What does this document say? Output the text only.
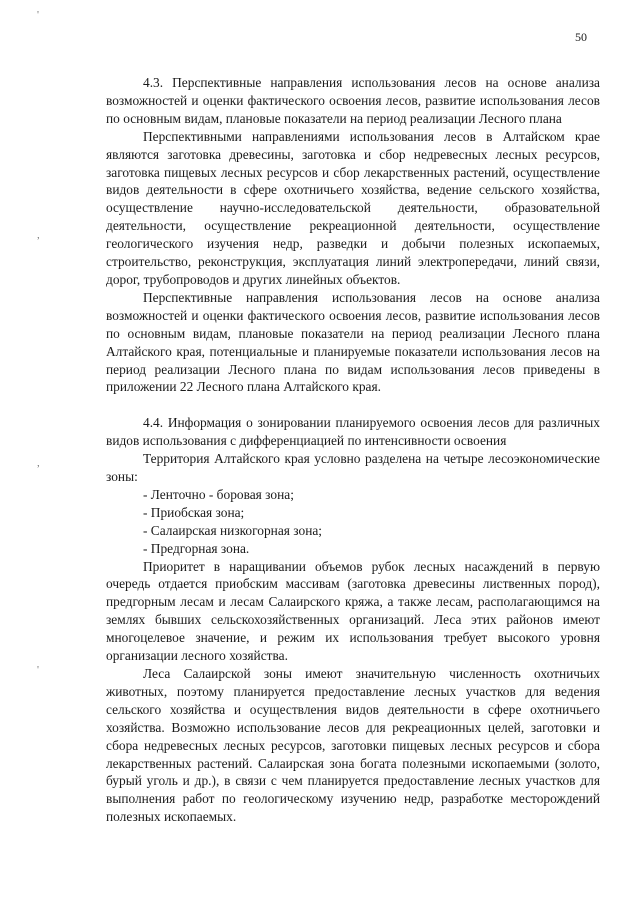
50
'
,
,
'

4.3. Перспективные направления использования лесов на основе анализа возможностей и оценки фактического освоения лесов, развитие использования лесов по основным видам, плановые показатели на период реализации Лесного плана

Перспективными направлениями использования лесов в Алтайском крае являются заготовка древесины, заготовка и сбор недревесных лесных ресурсов, заготовка пищевых лесных ресурсов и сбор лекарственных растений, осуществление видов деятельности в сфере охотничьего хозяйства, ведение сельского хозяйства, осуществление научно-исследовательской деятельности, образовательной деятельности, осуществление рекреационной деятельности, осуществление геологического изучения недр, разведки и добычи полезных ископаемых, строительство, реконструкция, эксплуатация линий электропередачи, линий связи, дорог, трубопроводов и других линейных объектов.

Перспективные направления использования лесов на основе анализа возможностей и оценки фактического освоения лесов, развитие использования лесов по основным видам, плановые показатели на период реализации Лесного плана Алтайского края, потенциальные и планируемые показатели использования лесов на период реализации Лесного плана по видам использования лесов приведены в приложении 22 Лесного плана Алтайского края.

4.4. Информация о зонировании планируемого освоения лесов для различных видов использования с дифференциацией по интенсивности освоения

Территория Алтайского края условно разделена на четыре лесоэкономические зоны:

- Ленточно - боровая зона;

- Приобская зона;

- Салаирская низкогорная зона;

- Предгорная зона.

Приоритет в наращивании объемов рубок лесных насаждений в первую очередь отдается приобским массивам (заготовка древесины лиственных пород), предгорным лесам и лесам Салаирского кряжа, а также лесам, располагающимся на землях бывших сельскохозяйственных организаций. Леса этих районов имеют многоцелевое значение, и режим их использования требует высокого уровня организации лесного хозяйства.

Леса Салаирской зоны имеют значительную численность охотничьих животных, поэтому планируется предоставление лесных участков для ведения сельского хозяйства и осуществления видов деятельности в сфере охотничьего хозяйства. Возможно использование лесов для рекреационных целей, заготовки и сбора недревесных лесных ресурсов, заготовки пищевых лесных ресурсов и сбора лекарственных растений. Салаирская зона богата полезными ископаемыми (золото, бурый уголь и др.), в связи с чем планируется предоставление лесных участков для выполнения работ по геологическому изучению недр, разработке месторождений полезных ископаемых.
